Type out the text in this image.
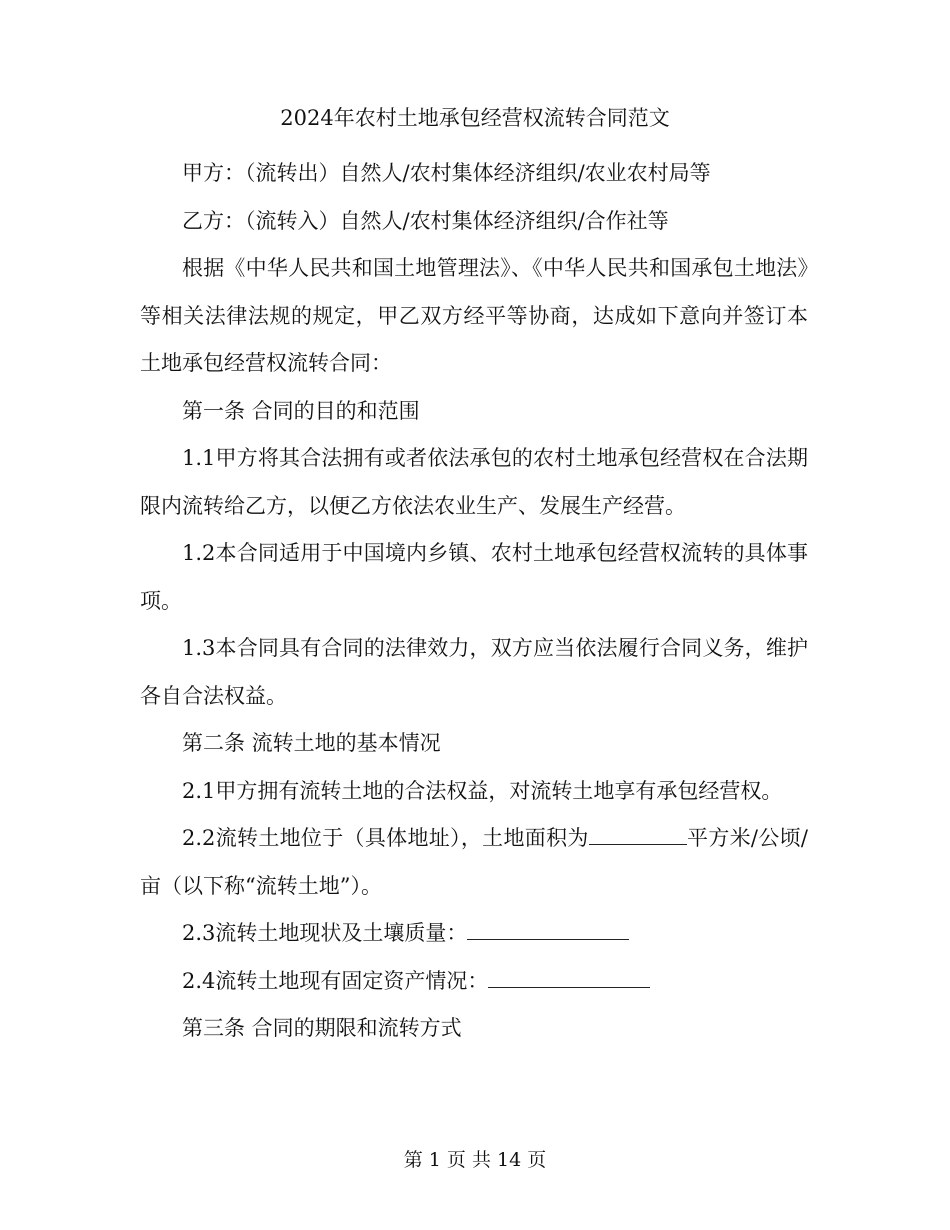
2024年农村土地承包经营权流转合同范文

甲方：（流转出）自然人/农村集体经济组织/农业农村局等

乙方：（流转入）自然人/农村集体经济组织/合作社等

根据《中华人民共和国土地管理法》、《中华人民共和国承包土地法》等相关法律法规的规定，甲乙双方经平等协商，达成如下意向并签订本土地承包经营权流转合同：

第一条 合同的目的和范围

1.1甲方将其合法拥有或者依法承包的农村土地承包经营权在合法期限内流转给乙方，以便乙方依法农业生产、发展生产经营。

1.2本合同适用于中国境内乡镇、农村土地承包经营权流转的具体事项。

1.3本合同具有合同的法律效力，双方应当依法履行合同义务，维护各自合法权益。

第二条 流转土地的基本情况

2.1甲方拥有流转土地的合法权益，对流转土地享有承包经营权。

2.2流转土地位于（具体地址），土地面积为	平方米/公顷/亩（以下称“流转土地”）。

2.3流转土地现状及土壤质量：

2.4流转土地现有固定资产情况：

第三条 合同的期限和流转方式

第 1 页 共 14 页
